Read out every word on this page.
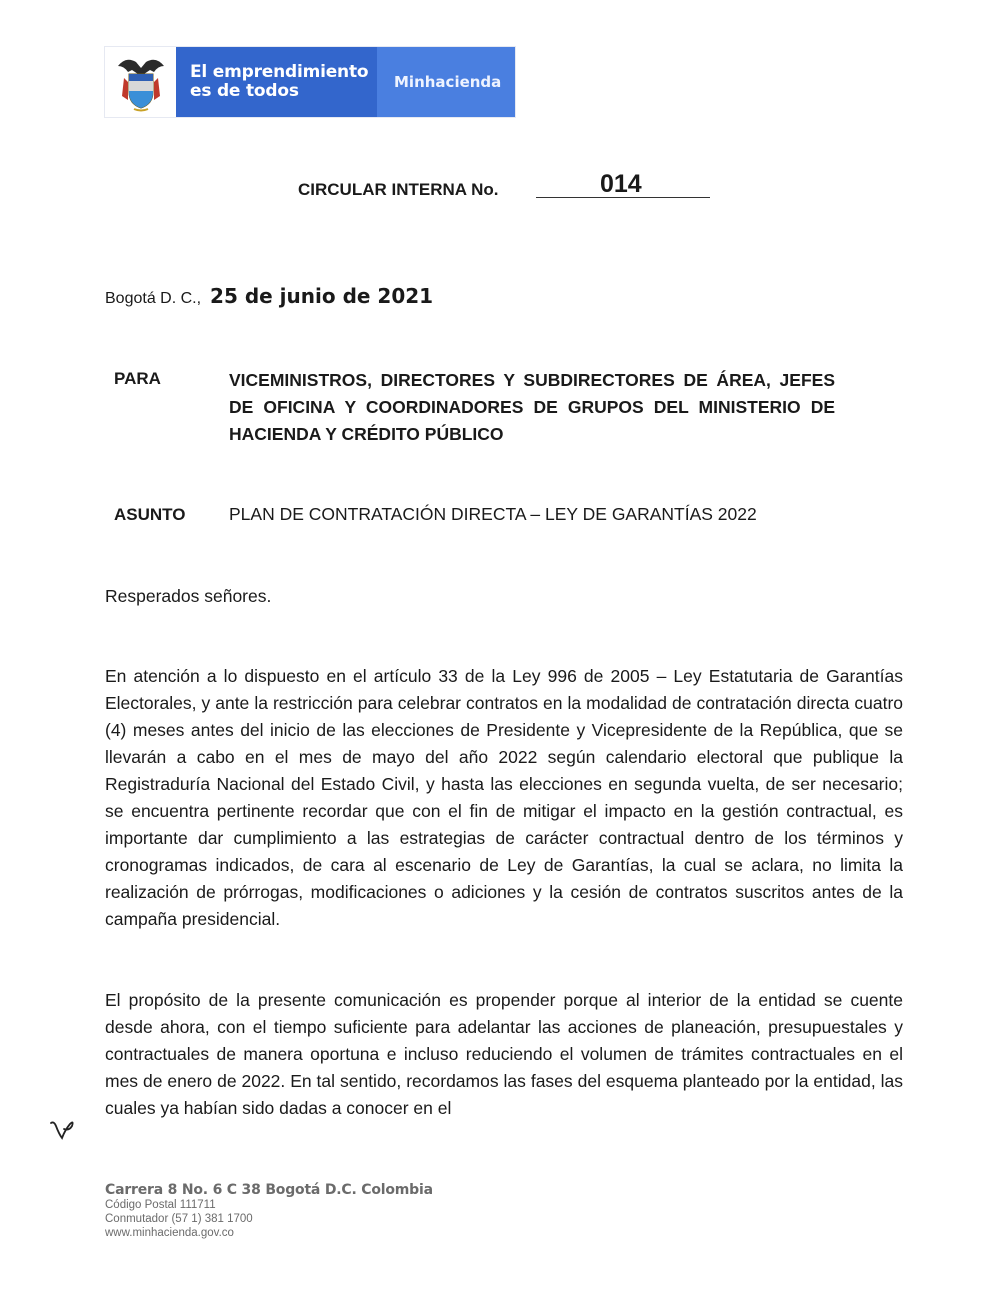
El emprendimiento
es de todos	Minhacienda
CIRCULAR INTERNA No.	014
Bogotá D. C., 25 de junio de 2021
PARA	VICEMINISTROS, DIRECTORES Y SUBDIRECTORES DE ÁREA, JEFES DE OFICINA Y COORDINADORES DE GRUPOS DEL MINISTERIO DE HACIENDA Y CRÉDITO PÚBLICO
ASUNTO PLAN DE CONTRATACIÓN DIRECTA – LEY DE GARANTÍAS 2022
Resperados señores.

En atención a lo dispuesto en el artículo 33 de la Ley 996 de 2005 – Ley Estatutaria de Garantías Electorales, y ante la restricción para celebrar contratos en la modalidad de contratación directa cuatro (4) meses antes del inicio de las elecciones de Presidente y Vicepresidente de la República, que se llevarán a cabo en el mes de mayo del año 2022 según calendario electoral que publique la Registraduría Nacional del Estado Civil, y hasta las elecciones en segunda vuelta, de ser necesario; se encuentra pertinente recordar que con el fin de mitigar el impacto en la gestión contractual, es importante dar cumplimiento a las estrategias de carácter contractual dentro de los términos y cronogramas indicados, de cara al escenario de Ley de Garantías, la cual se aclara, no limita la realización de prórrogas, modificaciones o adiciones y la cesión de contratos suscritos antes de la campaña presidencial.

El propósito de la presente comunicación es propender porque al interior de la entidad se cuente desde ahora, con el tiempo suficiente para adelantar las acciones de planeación, presupuestales y contractuales de manera oportuna e incluso reduciendo el volumen de trámites contractuales en el mes de enero de 2022. En tal sentido, recordamos las fases del esquema planteado por la entidad, las cuales ya habían sido dadas a conocer en el

Carrera 8 No. 6 C 38 Bogotá D.C. Colombia
Código Postal 111711
Conmutador (57 1) 381 1700
www.minhacienda.gov.co
